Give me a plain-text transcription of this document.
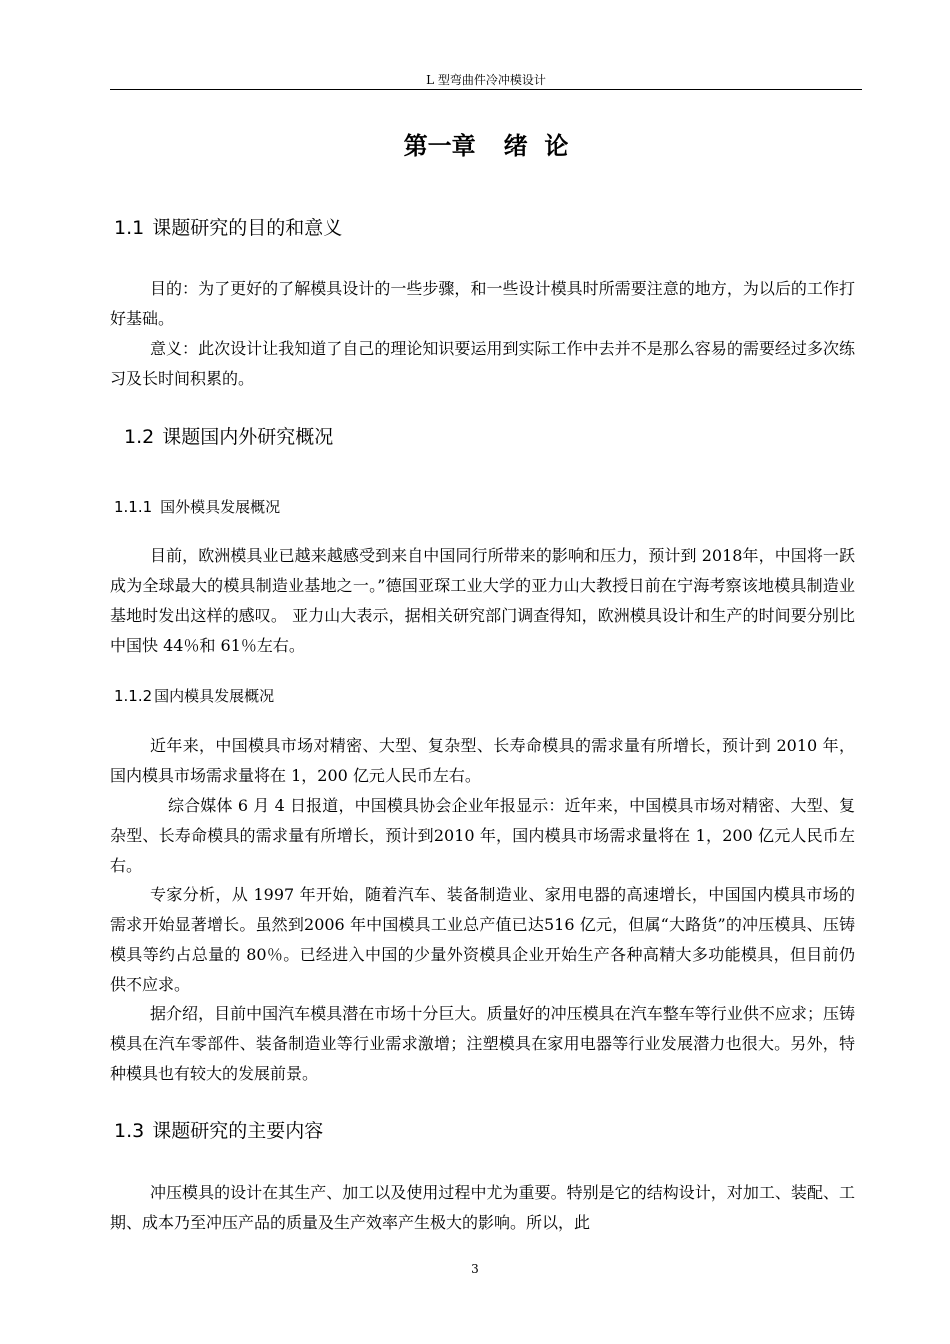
L 型弯曲件冷冲模设计
第一章 绪  论
1.1 课题研究的目的和意义

目的：为了更好的了解模具设计的一些步骤，和一些设计模具时所需要注意的地方，为以后的工作打好基础。

意义：此次设计让我知道了自己的理论知识要运用到实际工作中去并不是那么容易的需要经过多次练习及长时间积累的。

1.2 课题国内外研究概况
1.1.1 国外模具发展概况

目前，欧洲模具业已越来越感受到来自中国同行所带来的影响和压力，预计到 2018年，中国将一跃成为全球最大的模具制造业基地之一。”德国亚琛工业大学的亚力山大教授日前在宁海考察该地模具制造业基地时发出这样的感叹。 亚力山大表示，据相关研究部门调查得知，欧洲模具设计和生产的时间要分别比中国快 44％和 61％左右。

1.1.2 国内模具发展概况

近年来，中国模具市场对精密、大型、复杂型、长寿命模具的需求量有所增长，预计到 2010 年，国内模具市场需求量将在 1，200 亿元人民币左右。

综合媒体 6 月 4 日报道，中国模具协会企业年报显示：近年来，中国模具市场对精密、大型、复杂型、长寿命模具的需求量有所增长，预计到2010 年，国内模具市场需求量将在 1，200 亿元人民币左右。

专家分析，从 1997 年开始，随着汽车、装备制造业、家用电器的高速增长，中国国内模具市场的需求开始显著增长。虽然到2006 年中国模具工业总产值已达516 亿元，但属“大路货”的冲压模具、压铸模具等约占总量的 80％。已经进入中国的少量外资模具企业开始生产各种高精大多功能模具，但目前仍供不应求。

据介绍，目前中国汽车模具潜在市场十分巨大。质量好的冲压模具在汽车整车等行业供不应求；压铸模具在汽车零部件、装备制造业等行业需求激增；注塑模具在家用电器等行业发展潜力也很大。另外，特种模具也有较大的发展前景。

1.3 课题研究的主要内容

冲压模具的设计在其生产、加工以及使用过程中尤为重要。特别是它的结构设计，对加工、装配、工期、成本乃至冲压产品的质量及生产效率产生极大的影响。所以，此

3
